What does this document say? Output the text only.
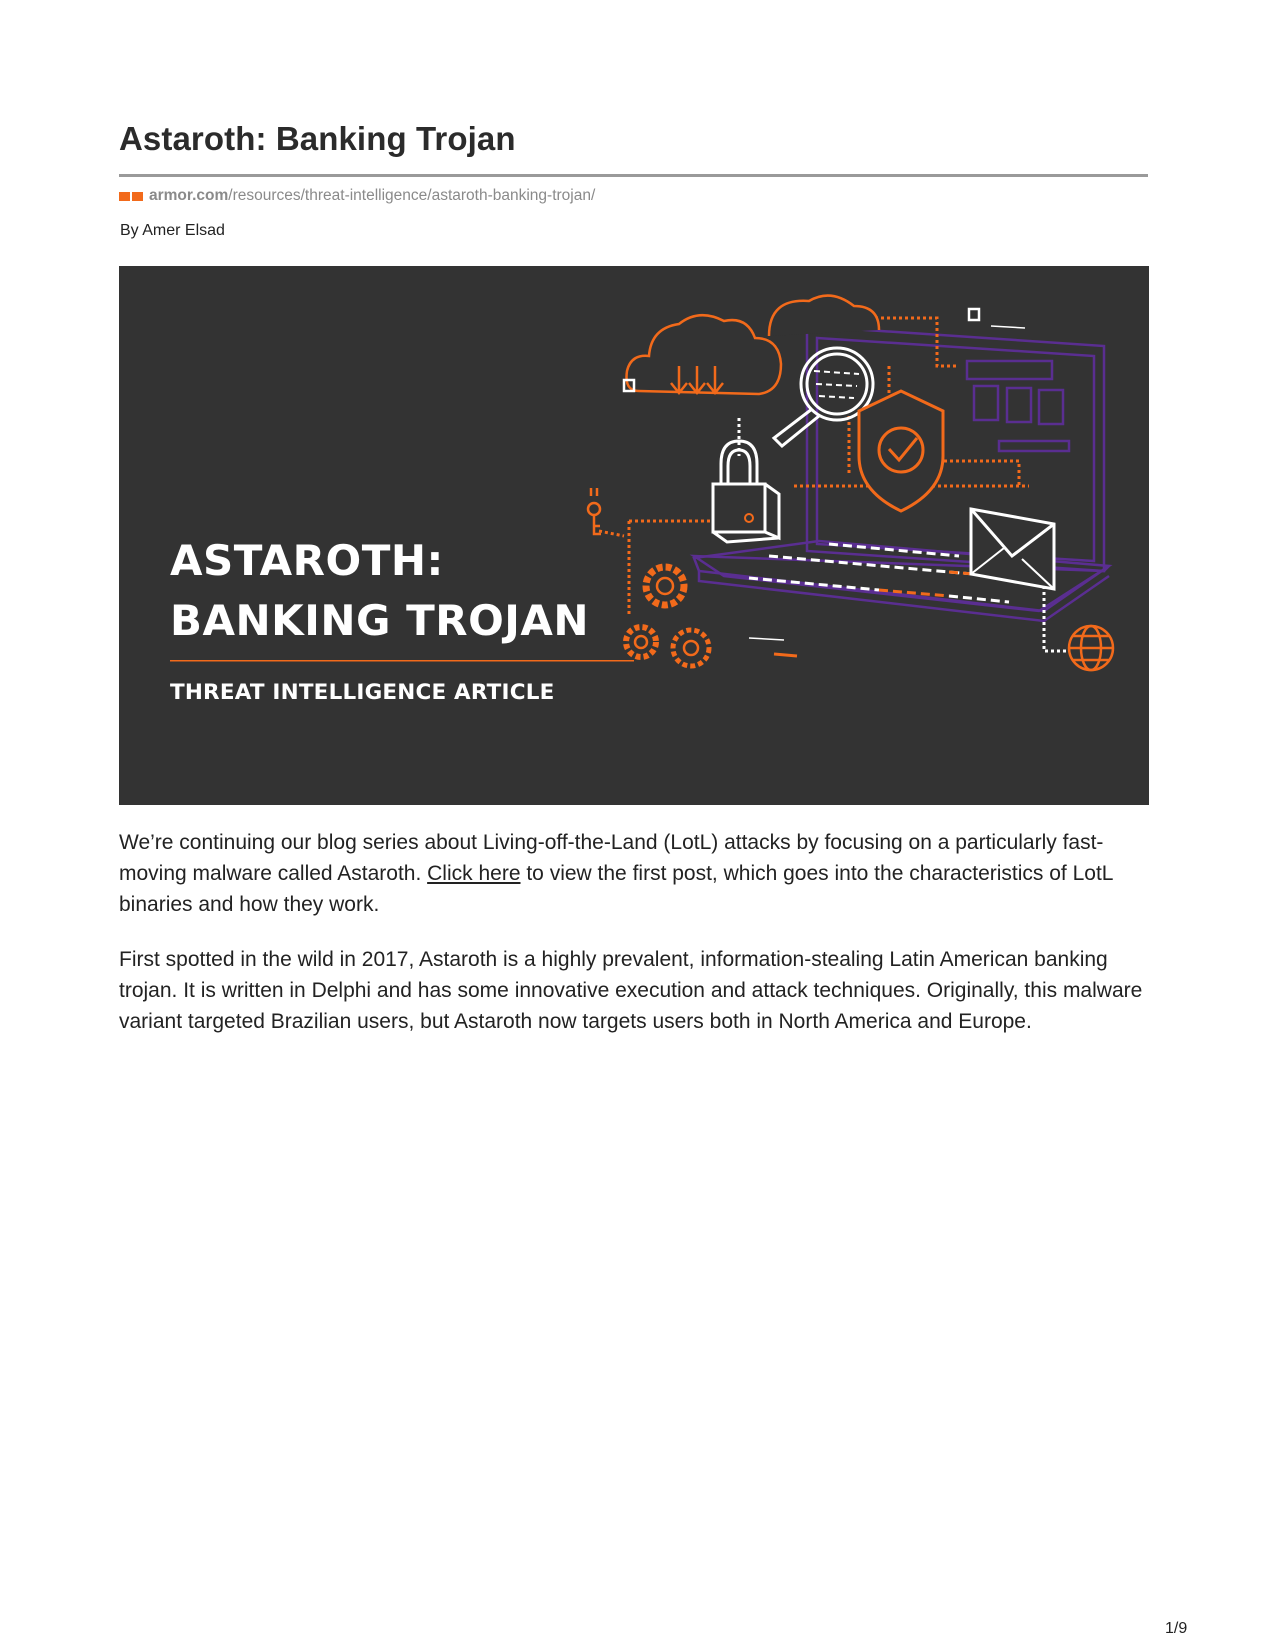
Astaroth: Banking Trojan
armor.com /resources/threat-intelligence/astaroth-banking-trojan/
By Amer Elsad
ASTAROTH:
BANKING TROJAN
THREAT INTELLIGENCE ARTICLE

We’re continuing our blog series about Living-off-the-Land (LotL) attacks by focusing on a particularly fast-moving malware called Astaroth. Click here to view the first post, which goes into the characteristics of LotL binaries and how they work.

First spotted in the wild in 2017, Astaroth is a highly prevalent, information-stealing Latin American banking trojan. It is written in Delphi and has some innovative execution and attack techniques. Originally, this malware variant targeted Brazilian users, but Astaroth now targets users both in North America and Europe.

1/9
